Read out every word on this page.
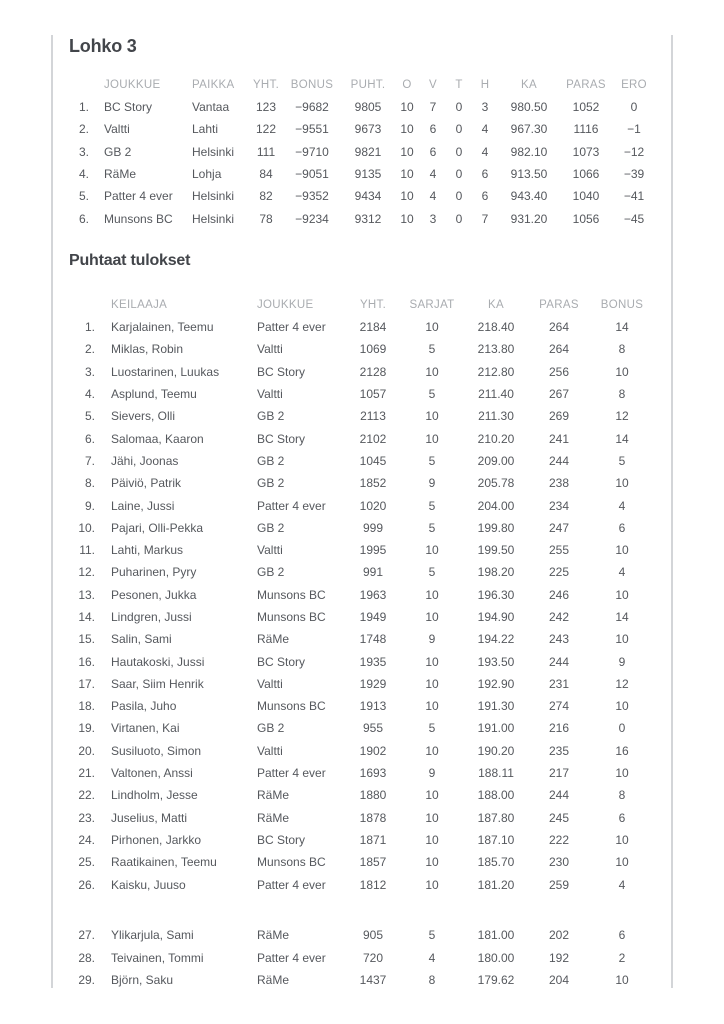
Lohko 3
		JOUKKUE	PAIKKA	YHT.	BONUS	PUHT.	O	V	T	H	KA	PARAS	ERO
1.		BC Story	Vantaa	123	−9682	9805	10	7	0	3	980.50	1052	0
2.		Valtti	Lahti	122	−9551	9673	10	6	0	4	967.30	1116	−1
3.		GB 2	Helsinki	111	−9710	9821	10	6	0	4	982.10	1073	−12
4.		RäMe	Lohja	84	−9051	9135	10	4	0	6	913.50	1066	−39
5.		Patter 4 ever	Helsinki	82	−9352	9434	10	4	0	6	943.40	1040	−41
6.		Munsons BC	Helsinki	78	−9234	9312	10	3	0	7	931.20	1056	−45
Puhtaat tulokset
		KEILAAJA	JOUKKUE	YHT.	SARJAT	KA	PARAS	BONUS
1.		Karjalainen, Teemu	Patter 4 ever	2184	10	218.40	264	14
2.		Miklas, Robin	Valtti	1069	5	213.80	264	8
3.		Luostarinen, Luukas	BC Story	2128	10	212.80	256	10
4.		Asplund, Teemu	Valtti	1057	5	211.40	267	8
5.		Sievers, Olli	GB 2	2113	10	211.30	269	12
6.		Salomaa, Kaaron	BC Story	2102	10	210.20	241	14
7.		Jähi, Joonas	GB 2	1045	5	209.00	244	5
8.		Päiviö, Patrik	GB 2	1852	9	205.78	238	10
9.		Laine, Jussi	Patter 4 ever	1020	5	204.00	234	4
10.		Pajari, Olli-Pekka	GB 2	999	5	199.80	247	6
11.		Lahti, Markus	Valtti	1995	10	199.50	255	10
12.		Puharinen, Pyry	GB 2	991	5	198.20	225	4
13.		Pesonen, Jukka	Munsons BC	1963	10	196.30	246	10
14.		Lindgren, Jussi	Munsons BC	1949	10	194.90	242	14
15.		Salin, Sami	RäMe	1748	9	194.22	243	10
16.		Hautakoski, Jussi	BC Story	1935	10	193.50	244	9
17.		Saar, Siim Henrik	Valtti	1929	10	192.90	231	12
18.		Pasila, Juho	Munsons BC	1913	10	191.30	274	10
19.		Virtanen, Kai	GB 2	955	5	191.00	216	0
20.		Susiluoto, Simon	Valtti	1902	10	190.20	235	16
21.		Valtonen, Anssi	Patter 4 ever	1693	9	188.11	217	10
22.		Lindholm, Jesse	RäMe	1880	10	188.00	244	8
23.		Juselius, Matti	RäMe	1878	10	187.80	245	6
24.		Pirhonen, Jarkko	BC Story	1871	10	187.10	222	10
25.		Raatikainen, Teemu	Munsons BC	1857	10	185.70	230	10
26.		Kaisku, Juuso	Patter 4 ever	1812	10	181.20	259	4

27.		Ylikarjula, Sami	RäMe	905	5	181.00	202	6
28.		Teivainen, Tommi	Patter 4 ever	720	4	180.00	192	2
29.		Björn, Saku	RäMe	1437	8	179.62	204	10
